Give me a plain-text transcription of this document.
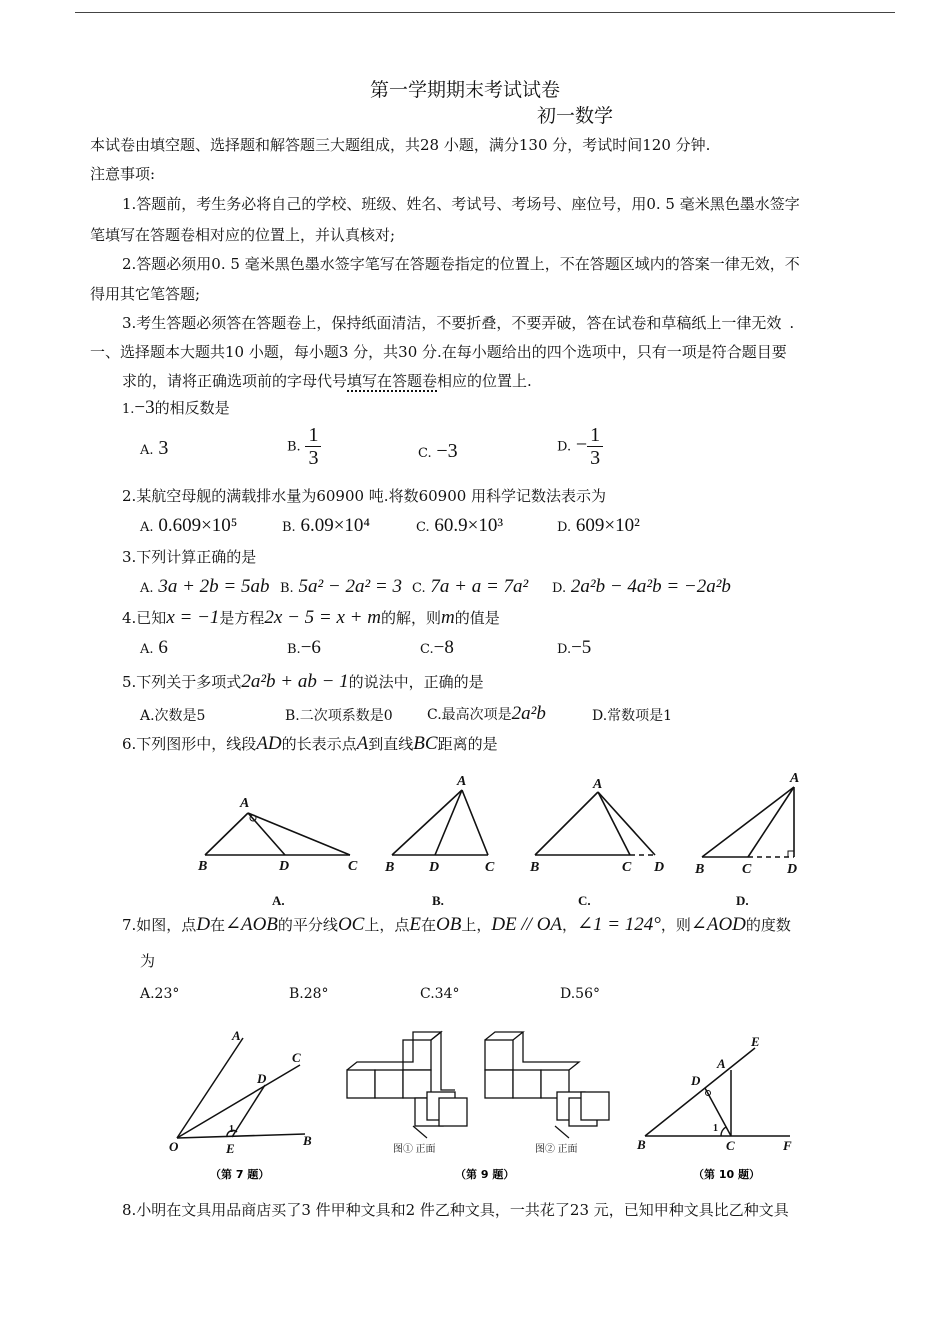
第一学期期末考试试卷
初一数学
本试卷由填空题、选择题和解答题三大题组成，共28 小题，满分130 分，考试时间120 分钟.
注意事项:
1.答题前，考生务必将自己的学校、班级、姓名、考试号、考场号、座位号，用0. 5 毫米黑色墨水签字
笔填写在答题卷相对应的位置上，并认真核对;
2.答题必须用0. 5 毫米黑色墨水签字笔写在答题卷指定的位置上，不在答题区域内的答案一律无效，不
得用其它笔答题;
3.考生答题必须答在答题卷上，保持纸面清洁，不要折叠，不要弄破，答在试卷和草稿纸上一律无效 .
一、选择题本大题共10 小题，每小题3 分，共30 分.在每小题给出的四个选项中，只有一项是符合题目要
求的，请将正确选项前的字母代号填写在答题卷相应的位置上.
1.−3的相反数是
A. 3	B. $\frac{1}{3}$	C. −3	D. − $\frac{1}{3}$
2.某航空母舰的满载排水量为60900 吨.将数60900 用科学记数法表示为
A. 0.609×10⁵	B. 6.09×10⁴	C. 60.9×10³	D. 609×10²
3.下列计算正确的是
A. 3a + 2b = 5ab B. 5a² − 2a² = 3 C. 7a + a = 7a² D. 2a²b − 4a²b = −2a²b
4.已知x = −1是方程2x − 5 = x + m的解，则m的值是
A. 6	B.−6	C.−8	D.−5
5.下列关于多项式2a²b + ab − 1的说法中，正确的是
A.次数是5	B.二次项系数是0 C.最高次项是2a²b	D.常数项是1
6.下列图形中，线段AD的长表示点A到直线BC距离的是
A
B	D	C
A
B D	C
A
B	C D
A
B	C	D
A.	B.	C.	D.
7.如图，点D在∠AOB的平分线OC上，点E在OB上，DE // OA，∠1 = 124°，则∠AOD的度数
为
A.23°	B.28°	C.34°	D.56°
A
C
D
O	E
B
1
（第 7 题）
图① 正面	图② 正面
（第 9 题）
E
A
D
B	C	F
1
（第 10 题）
8.小明在文具用品商店买了3 件甲种文具和2 件乙种文具，一共花了23 元，已知甲种文具比乙种文具
